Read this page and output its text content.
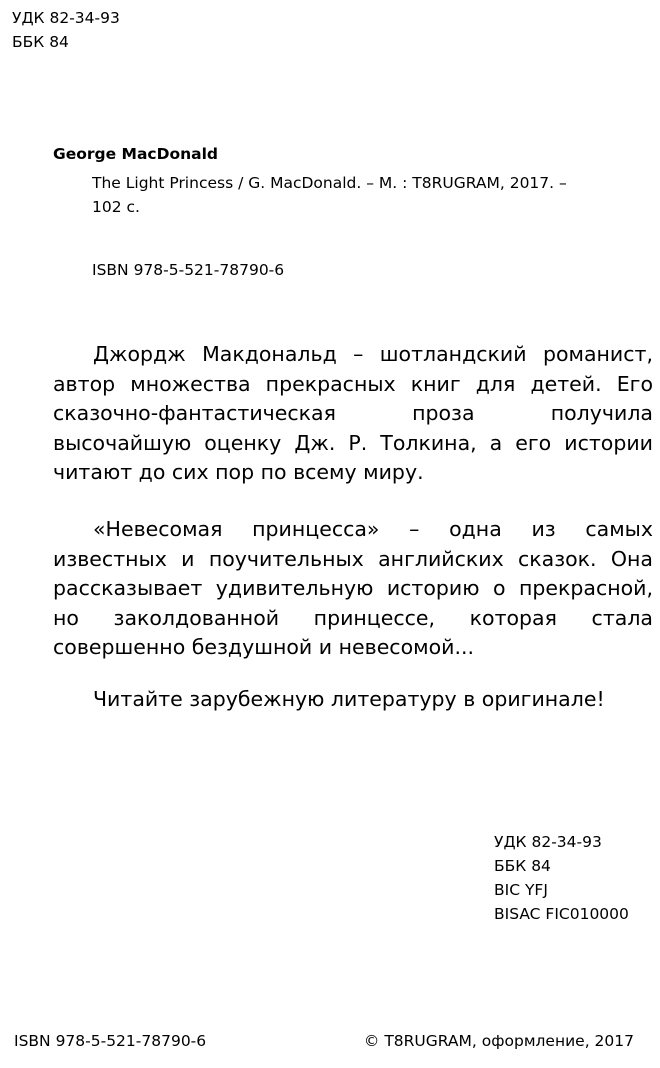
УДК 82-34-93
ББК 84
George MacDonald
The Light Princess / G. MacDonald. – M. : T8RUGRAM, 2017. –
102 c.
ISBN 978-5-521-78790-6

Джордж Макдональд – шотландский романист, автор множества прекрасных книг для детей. Его сказочно-фантастическая проза получила высочайшую оценку Дж. Р. Толкина, а его истории читают до сих пор по всему миру.

«Невесомая принцесса» – одна из самых известных и поучительных английских сказок. Она рассказывает удивительную историю о прекрасной, но заколдованной принцессе, которая стала совершенно бездушной и невесомой...

Читайте зарубежную литературу в оригинале!

УДК 82-34-93
ББК 84
BIC YFJ
BISAC FIC010000
ISBN 978-5-521-78790-6	© T8RUGRAM, оформление, 2017
